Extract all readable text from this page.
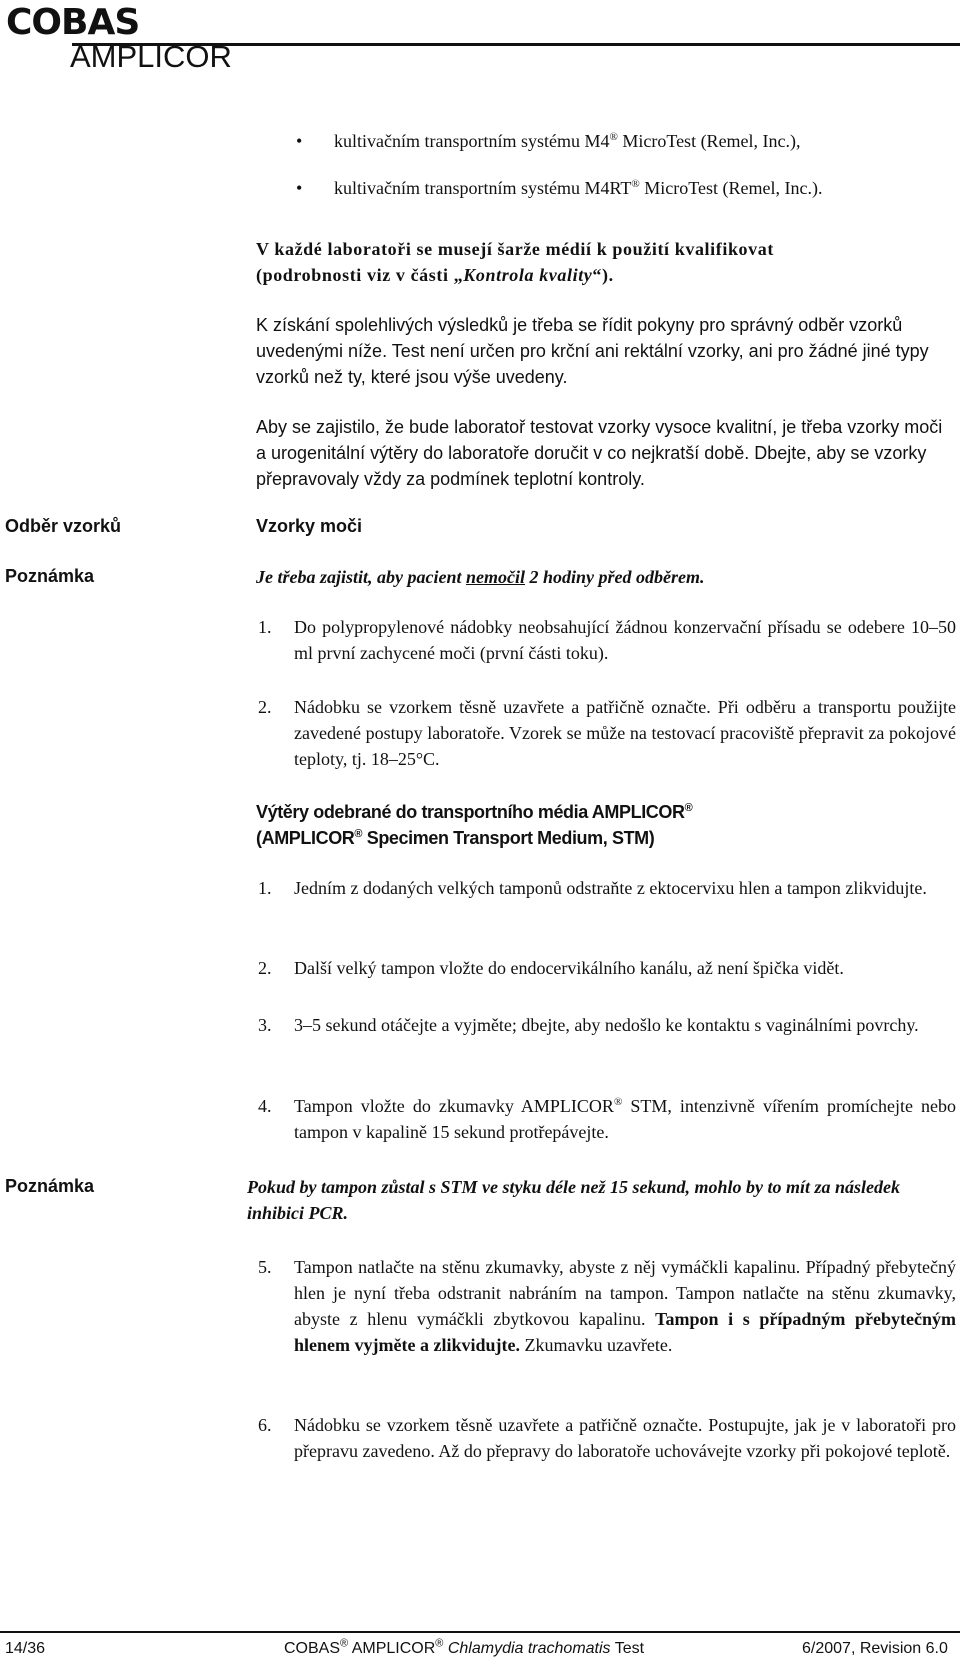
COBAS
AMPLICOR
• kultivačním transportním systému M4® MicroTest (Remel, Inc.),
• kultivačním transportním systému M4RT® MicroTest (Remel, Inc.).
V každé laboratoři se musejí šarže médií k použití kvalifikovat
(podrobnosti viz v části „Kontrola kvality“).
K získání spolehlivých výsledků je třeba se řídit pokyny pro správný odběr vzorků uvedenými níže. Test není určen pro krční ani rektální vzorky, ani pro žádné jiné typy vzorků než ty, které jsou výše uvedeny.
Aby se zajistilo, že bude laboratoř testovat vzorky vysoce kvalitní, je třeba vzorky moči a urogenitální výtěry do laboratoře doručit v co nejkratší době. Dbejte, aby se vzorky přepravovaly vždy za podmínek teplotní kontroly.
Odběr vzorků	Vzorky moči
Poznámka	Je třeba zajistit, aby pacient nemočil 2 hodiny před odběrem.
1. Do polypropylenové nádobky neobsahující žádnou konzervační přísadu se odebere 10–50 ml první zachycené moči (první části toku).
2. Nádobku se vzorkem těsně uzavřete a patřičně označte. Při odběru a transportu použijte zavedené postupy laboratoře. Vzorek se může na testovací pracoviště přepravit za pokojové teploty, tj. 18–25°C.
Výtěry odebrané do transportního média AMPLICOR®
(AMPLICOR® Specimen Transport Medium, STM)
1. Jedním z dodaných velkých tamponů odstraňte z ektocervixu hlen a tampon zlikvidujte.
2. Další velký tampon vložte do endocervikálního kanálu, až není špička vidět.
3. 3–5 sekund otáčejte a vyjměte; dbejte, aby nedošlo ke kontaktu s vaginálními povrchy.
4. Tampon vložte do zkumavky AMPLICOR® STM, intenzivně vířením promíchejte nebo tampon v kapalině 15 sekund protřepávejte.
Poznámka	Pokud by tampon zůstal s STM ve styku déle než 15 sekund, mohlo by to mít za následek inhibici PCR.
5. Tampon natlačte na stěnu zkumavky, abyste z něj vymáčkli kapalinu. Případný přebytečný hlen je nyní třeba odstranit nabráním na tampon. Tampon natlačte na stěnu zkumavky, abyste z hlenu vymáčkli zbytkovou kapalinu. Tampon i s případným přebytečným hlenem vyjměte a zlikvidujte. Zkumavku uzavřete.
6. Nádobku se vzorkem těsně uzavřete a patřičně označte. Postupujte, jak je v laboratoři pro přepravu zavedeno. Až do přepravy do laboratoře uchovávejte vzorky při pokojové teplotě.
14/36	COBAS® AMPLICOR® Chlamydia trachomatis Test	6/2007, Revision 6.0
